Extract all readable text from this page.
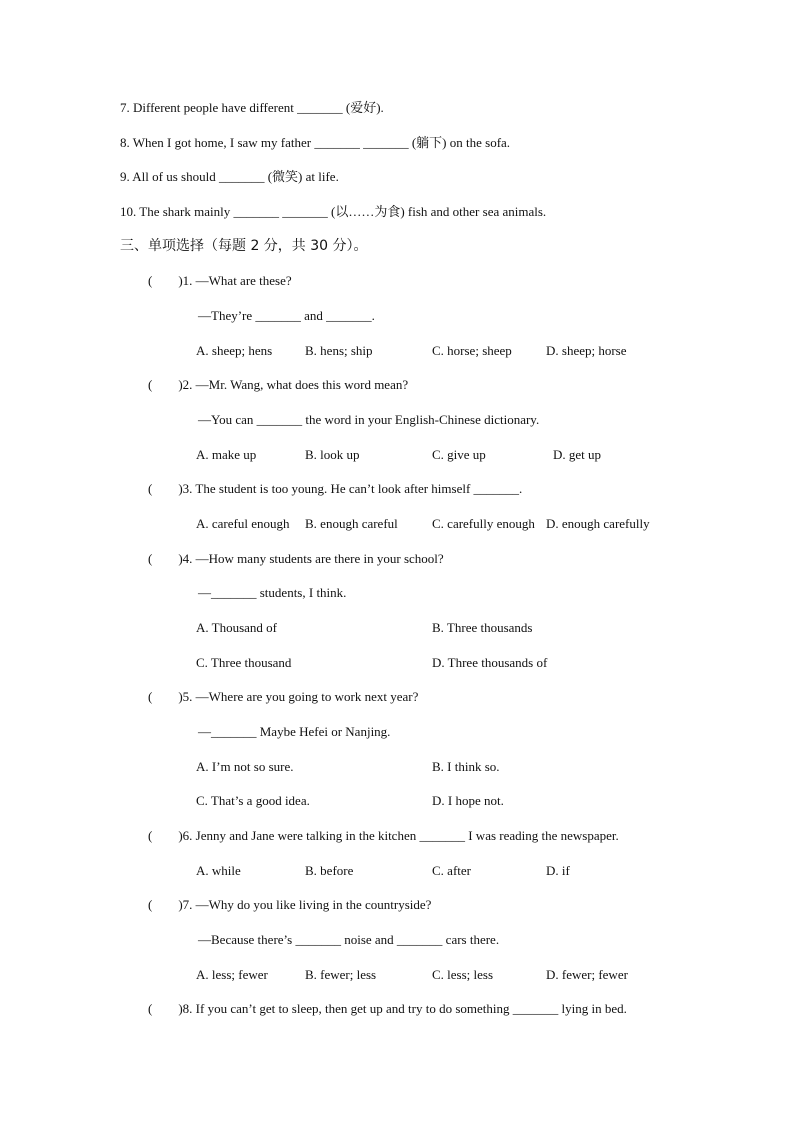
7. Different people have different _______ (爱好).
8. When I got home, I saw my father _______ _______ (躺下) on the sofa.
9. All of us should _______ (微笑) at life.
10. The shark mainly _______ _______ (以……为食) fish and other sea animals.
三、单项选择（每题 2 分，共 30 分）。
(        )1. —What are these?
—They’re _______ and _______.
A. sheep; hens	B. hens; ship	C. horse; sheep	D. sheep; horse
(        )2. —Mr. Wang, what does this word mean?
—You can _______ the word in your English-Chinese dictionary.
A. make up	B. look up	C. give up	D. get up
(        )3. The student is too young. He can’t look after himself _______.
A. careful enough B. enough careful	C. carefully enough D. enough carefully
(        )4. —How many students are there in your school?
—_______ students, I think.
A. Thousand of	B. Three thousands
C. Three thousand	D. Three thousands of
(        )5. —Where are you going to work next year?
—_______ Maybe Hefei or Nanjing.
A. I’m not so sure.	B. I think so.
C. That’s a good idea.	D. I hope not.
(        )6. Jenny and Jane were talking in the kitchen _______ I was reading the newspaper.
A. while	B. before	C. after	D. if
(        )7. —Why do you like living in the countryside?
—Because there’s _______ noise and _______ cars there.
A. less; fewer	B. fewer; less	C. less; less	D. fewer; fewer
(        )8. If you can’t get to sleep, then get up and try to do something _______ lying in bed.
